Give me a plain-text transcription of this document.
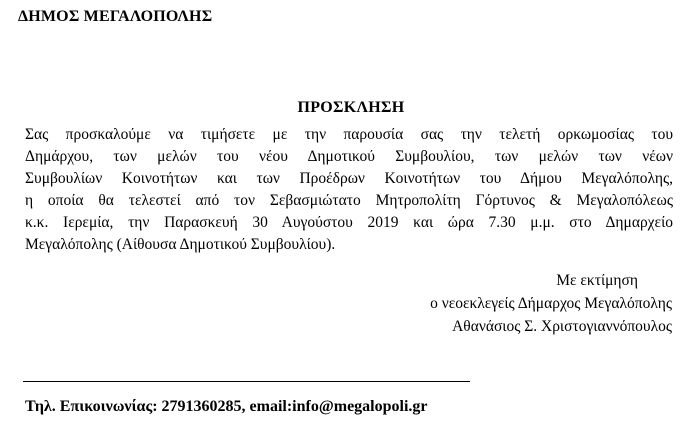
ΔΗΜΟΣ ΜΕΓΑΛΟΠΟΛΗΣ
ΠΡΟΣΚΛΗΣΗ
Σας προσκαλούμε να τιμήσετε με την παρουσία σας την τελετή ορκωμοσίας του
Δημάρχου, των μελών του νέου Δημοτικού Συμβουλίου, των μελών των νέων
Συμβουλίων Κοινοτήτων και των Προέδρων Κοινοτήτων του Δήμου Μεγαλόπολης,
η οποία θα τελεστεί από τον Σεβασμιώτατο Μητροπολίτη Γόρτυνος & Μεγαλοπόλεως
κ.κ. Ιερεμία, την Παρασκευή 30 Αυγούστου 2019 και ώρα 7.30 μ.μ. στο Δημαρχείο
Μεγαλόπολης (Αίθουσα Δημοτικού Συμβουλίου).
Με εκτίμηση
ο νεοεκλεγείς Δήμαρχος Μεγαλόπολης
Αθανάσιος Σ. Χριστογιαννόπουλος
Τηλ. Επικοινωνίας: 2791360285, email:info@megalopoli.gr
